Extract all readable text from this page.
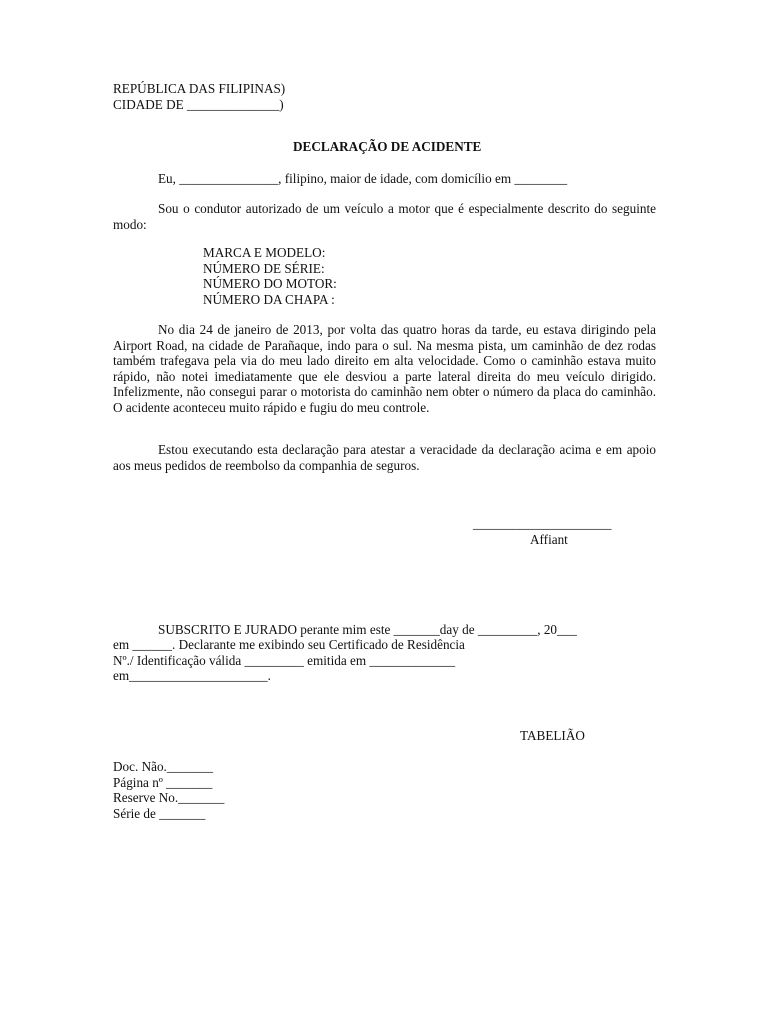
REPÚBLICA DAS FILIPINAS)
CIDADE DE ______________)
DECLARAÇÃO DE ACIDENTE
Eu, _______________, filipino, maior de idade, com domicílio em ________
Sou o condutor autorizado de um veículo a motor que é especialmente descrito do seguinte modo:
MARCA E MODELO:
NÚMERO DE SÉRIE:
NÚMERO DO MOTOR:
NÚMERO DA CHAPA :
No dia 24 de janeiro de 2013, por volta das quatro horas da tarde, eu estava dirigindo pela Airport Road, na cidade de Parañaque, indo para o sul. Na mesma pista, um caminhão de dez rodas também trafegava pela via do meu lado direito em alta velocidade. Como o caminhão estava muito rápido, não notei imediatamente que ele desviou a parte lateral direita do meu veículo dirigido. Infelizmente, não consegui parar o motorista do caminhão nem obter o número da placa do caminhão. O acidente aconteceu muito rápido e fugiu do meu controle.
Estou executando esta declaração para atestar a veracidade da declaração acima e em apoio aos meus pedidos de reembolso da companhia de seguros.
_____________________
Affiant
SUBSCRITO E JURADO perante mim este _______day de _________, 20___
em ______. Declarante me exibindo seu Certificado de Residência
Nº./ Identificação válida _________ emitida em _____________
em_____________________.
TABELIÃO
Doc. Não._______
Página nº _______
Reserve No._______
Série de _______
